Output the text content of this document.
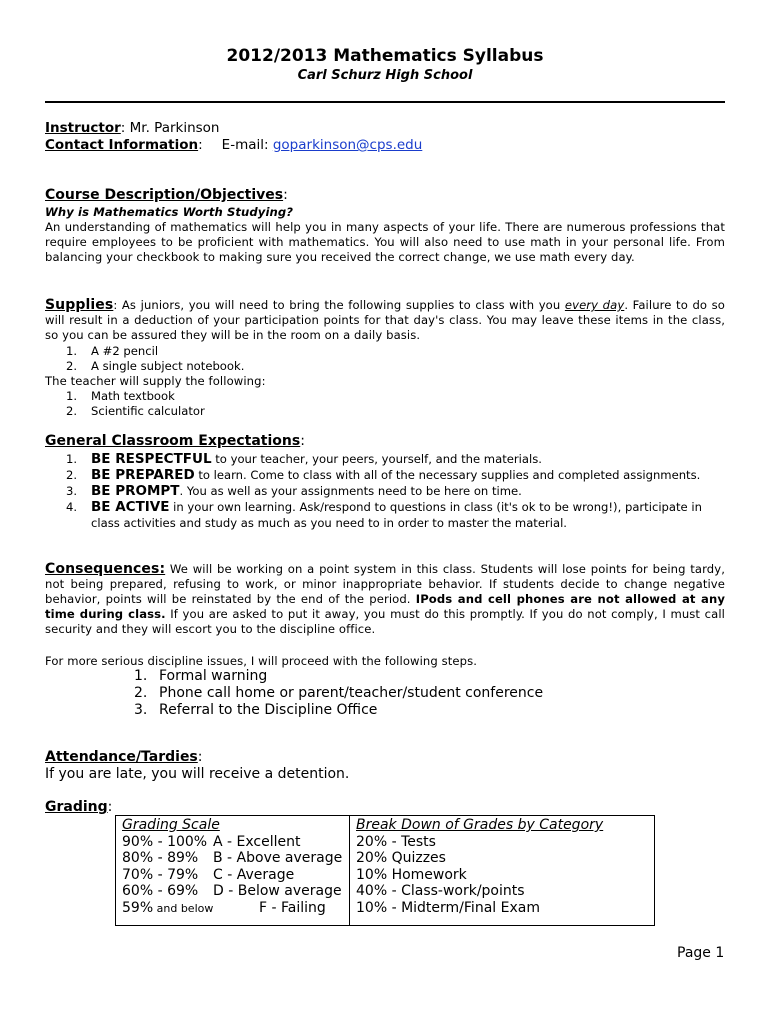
2012/2013 Mathematics Syllabus
Carl Schurz High School
Instructor: Mr. Parkinson
Contact Information: E-mail: goparkinson@cps.edu
Course Description/Objectives:
Why is Mathematics Worth Studying?
An understanding of mathematics will help you in many aspects of your life. There are numerous professions that require employees to be proficient with mathematics. You will also need to use math in your personal life. From balancing your checkbook to making sure you received the correct change, we use math every day.
Supplies: As juniors, you will need to bring the following supplies to class with you every day. Failure to do so will result in a deduction of your participation points for that day's class. You may leave these items in the class, so you can be assured they will be in the room on a daily basis.
1. A #2 pencil
2. A single subject notebook.
The teacher will supply the following:
1. Math textbook
2. Scientific calculator
General Classroom Expectations:
1. BE RESPECTFUL to your teacher, your peers, yourself, and the materials.
2. BE PREPARED to learn. Come to class with all of the necessary supplies and completed assignments.
3. BE PROMPT. You as well as your assignments need to be here on time.
4. BE ACTIVE in your own learning. Ask/respond to questions in class (it's ok to be wrong!), participate in class activities and study as much as you need to in order to master the material.
Consequences: We will be working on a point system in this class. Students will lose points for being tardy, not being prepared, refusing to work, or minor inappropriate behavior. If students decide to change negative behavior, points will be reinstated by the end of the period. IPods and cell phones are not allowed at any time during class. If you are asked to put it away, you must do this promptly. If you do not comply, I must call security and they will escort you to the discipline office.
For more serious discipline issues, I will proceed with the following steps.
1. Formal warning
2. Phone call home or parent/teacher/student conference
3. Referral to the Discipline Office
Attendance/Tardies:
If you are late, you will receive a detention.
Grading:
Grading Scale
90% - 100% A - Excellent
80% - 89% B - Above average
70% - 79% C - Average
60% - 69% D - Below average
59% and below	F - Failing
Break Down of Grades by Category
20% - Tests
20% Quizzes
10% Homework
40% - Class-work/points
10% - Midterm/Final Exam
Page 1
